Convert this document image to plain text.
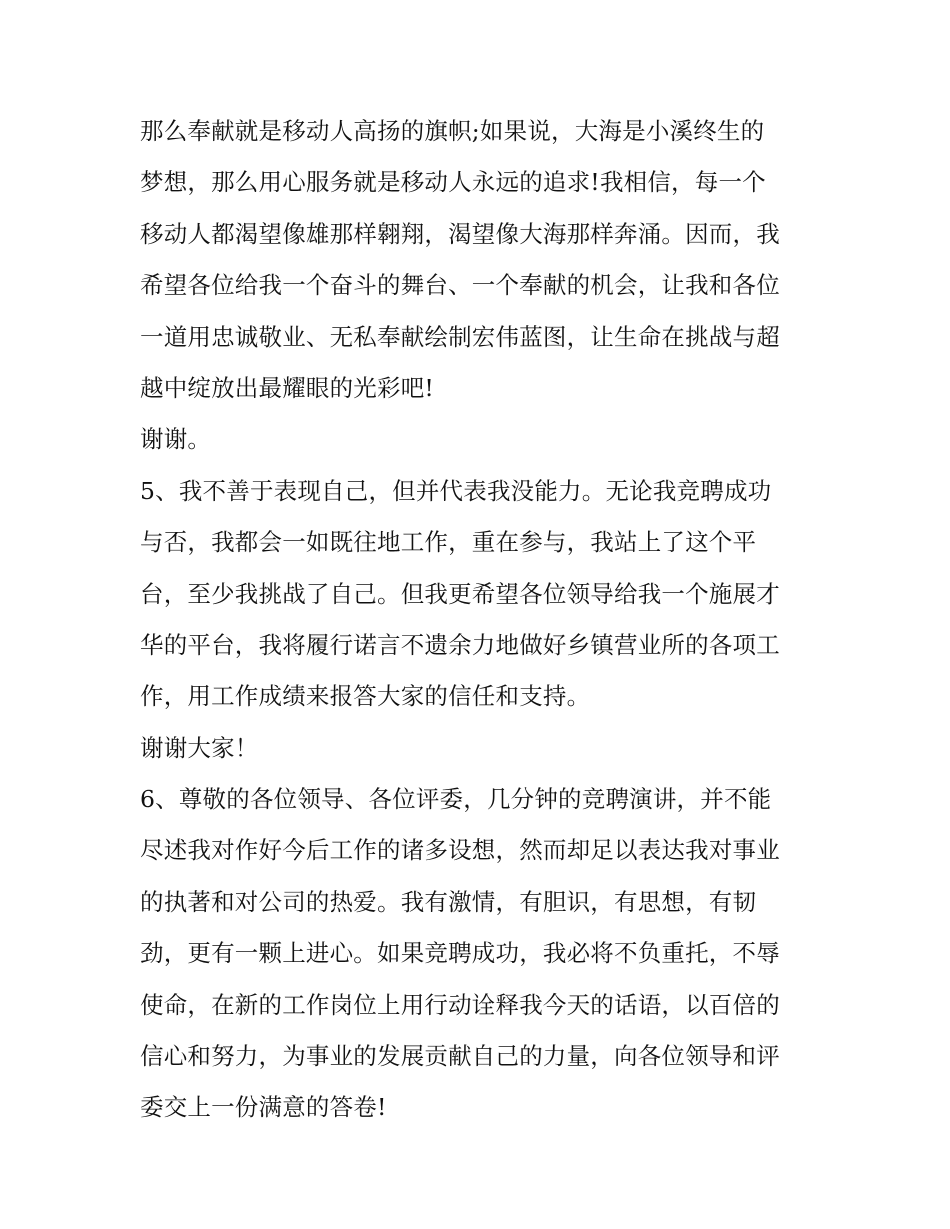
那么奉献就是移动人高扬的旗帜;如果说，大海是小溪终生的
梦想，那么用心服务就是移动人永远的追求!我相信，每一个
移动人都渴望像雄那样翱翔，渴望像大海那样奔涌。因而，我
希望各位给我一个奋斗的舞台、一个奉献的机会，让我和各位
一道用忠诚敬业、无私奉献绘制宏伟蓝图，让生命在挑战与超
越中绽放出最耀眼的光彩吧!
谢谢。
5、我不善于表现自己，但并代表我没能力。无论我竞聘成功
与否，我都会一如既往地工作，重在参与，我站上了这个平
台，至少我挑战了自己。但我更希望各位领导给我一个施展才
华的平台，我将履行诺言不遗余力地做好乡镇营业所的各项工
作，用工作成绩来报答大家的信任和支持。
谢谢大家！
6、尊敬的各位领导、各位评委，几分钟的竞聘演讲，并不能
尽述我对作好今后工作的诸多设想，然而却足以表达我对事业
的执著和对公司的热爱。我有激情，有胆识，有思想，有韧
劲，更有一颗上进心。如果竞聘成功，我必将不负重托，不辱
使命，在新的工作岗位上用行动诠释我今天的话语，以百倍的
信心和努力，为事业的发展贡献自己的力量，向各位领导和评
委交上一份满意的答卷!
